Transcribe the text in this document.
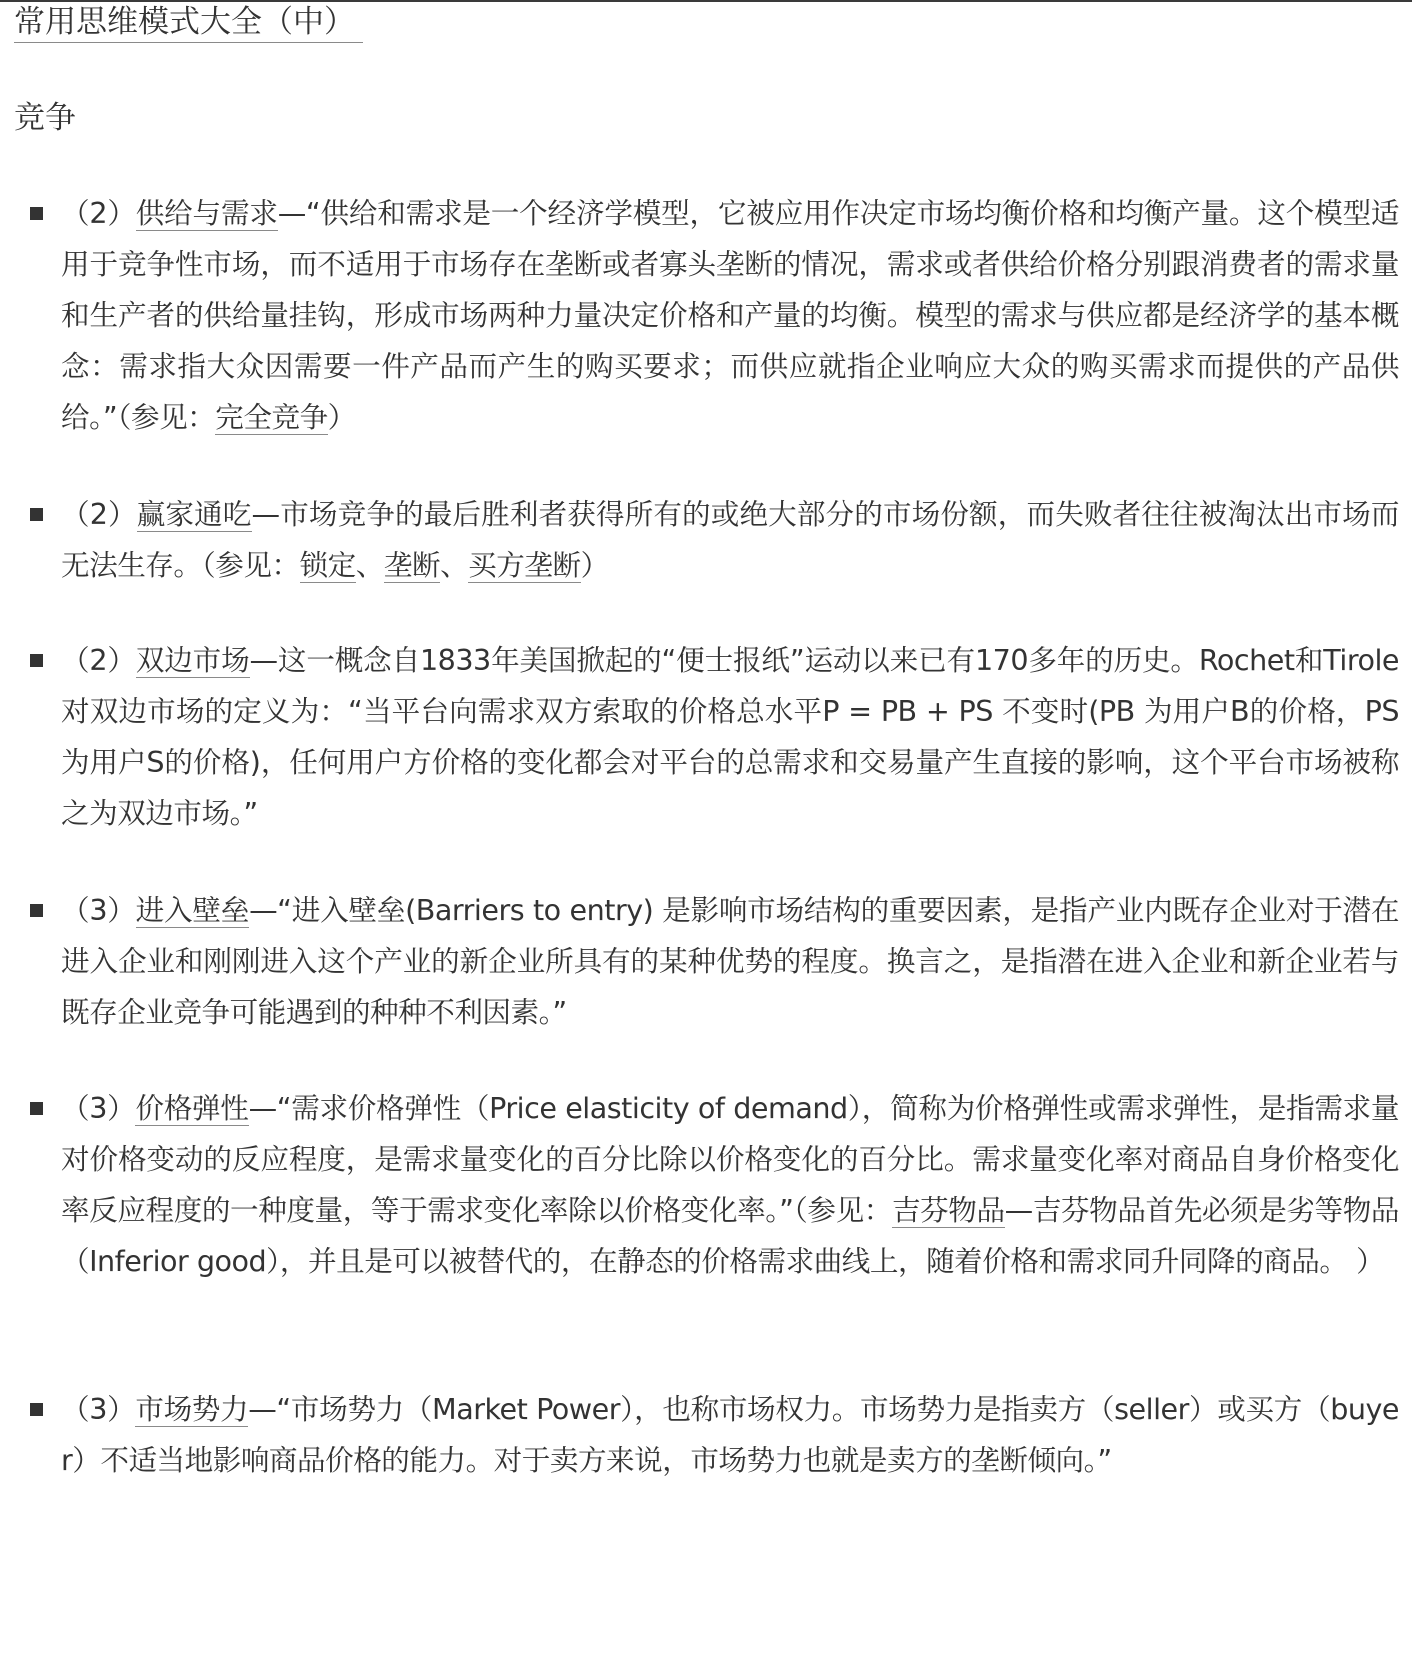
常用思维模式大全（中）
竞争
（2）供给与需求—“供给和需求是一个经济学模型，它被应用作决定市场均衡价格和均衡产量。这个模型适用于竞争性市场，而不适用于市场存在垄断或者寡头垄断的情况，需求或者供给价格分别跟消费者的需求量和生产者的供给量挂钩，形成市场两种力量决定价格和产量的均衡。模型的需求与供应都是经济学的基本概念：需求指大众因需要一件产品而产生的购买要求；而供应就指企业响应大众的购买需求而提供的产品供给。”（参见：完全竞争）
（2）赢家通吃—市场竞争的最后胜利者获得所有的或绝大部分的市场份额，而失败者往往被淘汰出市场而无法生存。（参见：锁定、垄断、买方垄断）
（2）双边市场—这一概念自1833年美国掀起的“便士报纸”运动以来已有170多年的历史。Rochet和Tirole对双边市场的定义为：“当平台向需求双方索取的价格总水平P = PB + PS 不变时(PB 为用户B的价格，PS为用户S的价格)，任何用户方价格的变化都会对平台的总需求和交易量产生直接的影响，这个平台市场被称之为双边市场。”
（3）进入壁垒—“进入壁垒(Barriers to entry) 是影响市场结构的重要因素，是指产业内既存企业对于潜在进入企业和刚刚进入这个产业的新企业所具有的某种优势的程度。换言之，是指潜在进入企业和新企业若与既存企业竞争可能遇到的种种不利因素。”
（3）价格弹性—“需求价格弹性（Price elasticity of demand），简称为价格弹性或需求弹性，是指需求量对价格变动的反应程度，是需求量变化的百分比除以价格变化的百分比。需求量变化率对商品自身价格变化率反应程度的一种度量，等于需求变化率除以价格变化率。”（参见：吉芬物品—吉芬物品首先必须是劣等物品（Inferior good），并且是可以被替代的，在静态的价格需求曲线上，随着价格和需求同升同降的商品。 ）
（3）市场势力—“市场势力（Market Power），也称市场权力。市场势力是指卖方（seller）或买方（buyer）不适当地影响商品价格的能力。对于卖方来说，市场势力也就是卖方的垄断倾向。”
